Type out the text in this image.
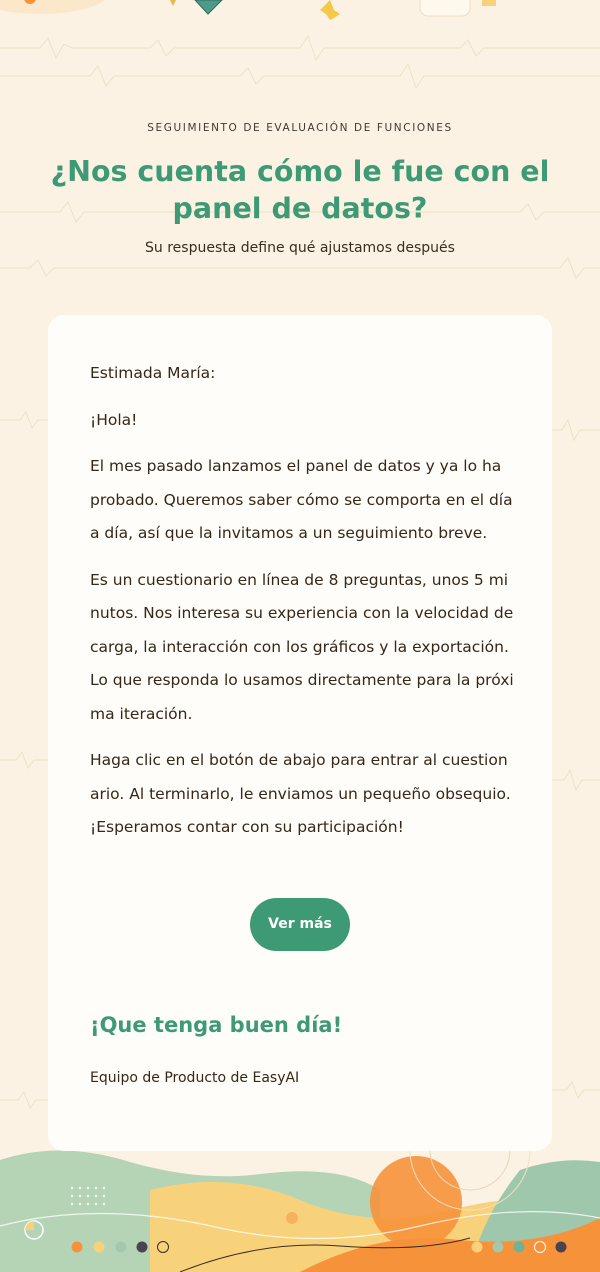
SEGUIMIENTO DE EVALUACIÓN DE FUNCIONES

¿Nos cuenta cómo le fue con el panel de datos?

Su respuesta define qué ajustamos después

Estimada María:

¡Hola!

El mes pasado lanzamos el panel de datos y ya lo ha probado. Queremos saber cómo se comporta en el día a día, así que la invitamos a un seguimiento breve.

Es un cuestionario en línea de 8 preguntas, unos 5 minutos. Nos interesa su experiencia con la velocidad de carga, la interacción con los gráficos y la exportación. Lo que responda lo usamos directamente para la próxima iteración.

Haga clic en el botón de abajo para entrar al cuestionario. Al terminarlo, le enviamos un pequeño obsequio. ¡Esperamos contar con su participación!

Ver más

¡Que tenga buen día!

Equipo de Producto de EasyAI
